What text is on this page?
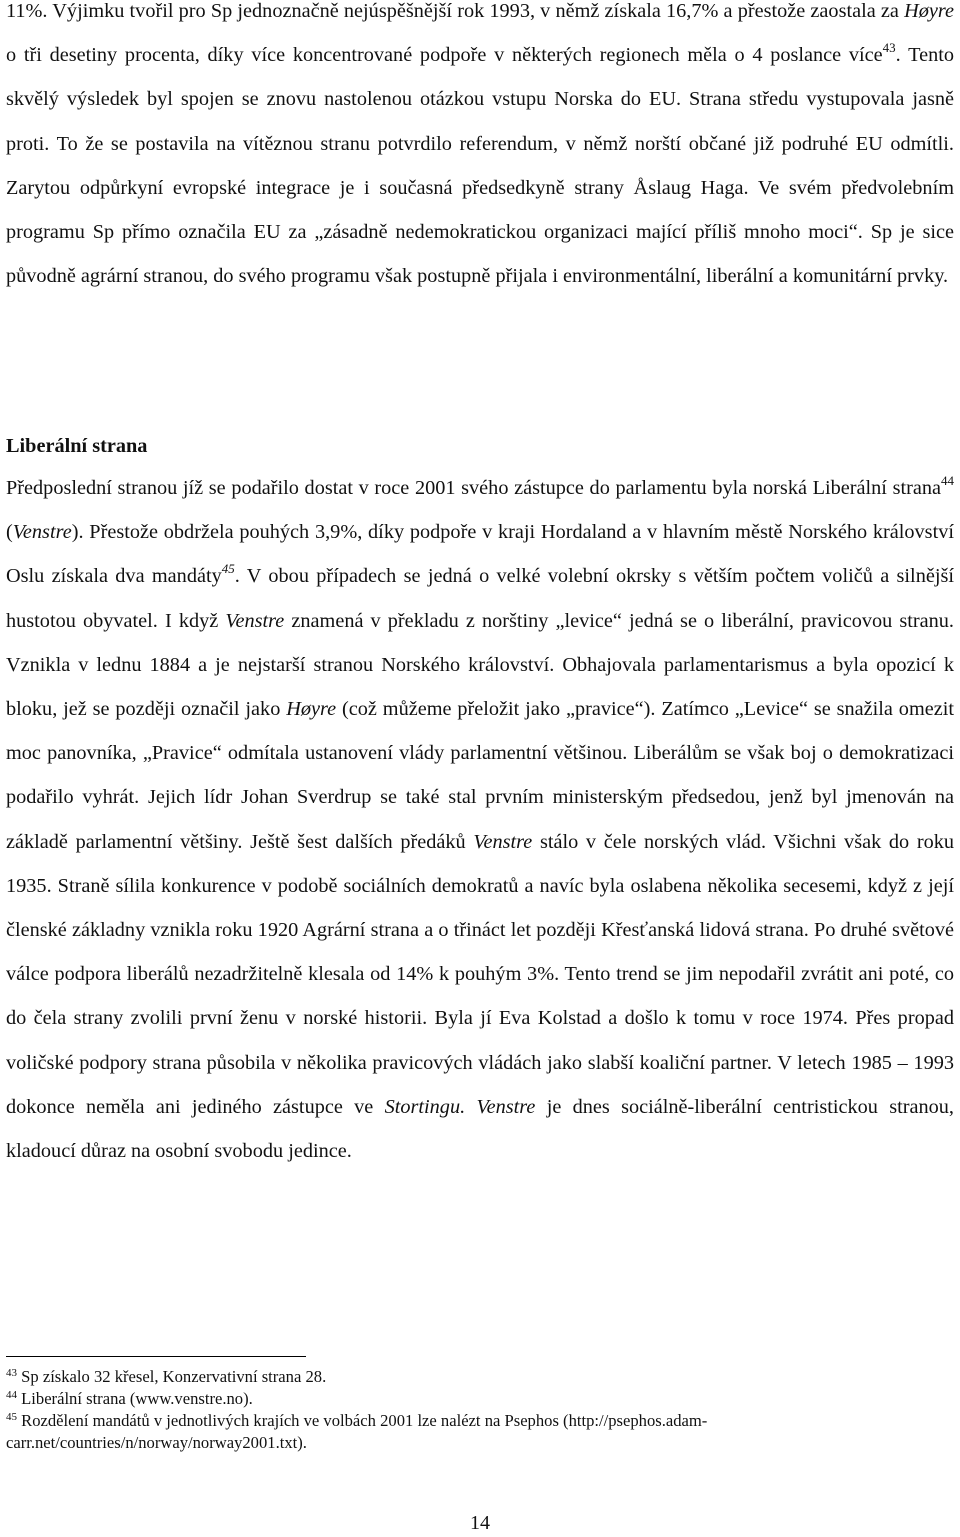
11%. Výjimku tvořil pro Sp jednoznačně nejúspěšnější rok 1993, v němž získala 16,7% a přestože zaostala za Høyre o tři desetiny procenta, díky více koncentrované podpoře v některých regionech měla o 4 poslance více$^{43}$. Tento skvělý výsledek byl spojen se znovu nastolenou otázkou vstupu Norska do EU. Strana středu vystupovala jasně proti. To že se postavila na vítěznou stranu potvrdilo referendum, v němž norští občané již podruhé EU odmítli. Zarytou odpůrkyní evropské integrace je i současná předsedkyně strany Åslaug Haga. Ve svém předvolebním programu Sp přímo označila EU za „zásadně nedemokratickou organizaci mající příliš mnoho moci“. Sp je sice původně agrární stranou, do svého programu však postupně přijala i environmentální, liberální a komunitární prvky.

Liberální strana

Předposlední stranou jíž se podařilo dostat v roce 2001 svého zástupce do parlamentu byla norská Liberální strana$^{44}$ (Venstre). Přestože obdržela pouhých 3,9%, díky podpoře v kraji Hordaland a v hlavním městě Norského království Oslu získala dva mandáty$^{45}$. V obou případech se jedná o velké volební okrsky s větším počtem voličů a silnější hustotou obyvatel. I když Venstre znamená v překladu z norštiny „levice“ jedná se o liberální, pravicovou stranu. Vznikla v lednu 1884 a je nejstarší stranou Norského království. Obhajovala parlamentarismus a byla opozicí k bloku, jež se později označil jako Høyre (což můžeme přeložit jako „pravice“). Zatímco „Levice“ se snažila omezit moc panovníka, „Pravice“ odmítala ustanovení vlády parlamentní většinou. Liberálům se však boj o demokratizaci podařilo vyhrát. Jejich lídr Johan Sverdrup se také stal prvním ministerským předsedou, jenž byl jmenován na základě parlamentní většiny. Ještě šest dalších předáků Venstre stálo v čele norských vlád. Všichni však do roku 1935. Straně sílila konkurence v podobě sociálních demokratů a navíc byla oslabena několika secesemi, když z její členské základny vznikla roku 1920 Agrární strana a o třináct let později Křesťanská lidová strana. Po druhé světové válce podpora liberálů nezadržitelně klesala od 14% k pouhým 3%. Tento trend se jim nepodařil zvrátit ani poté, co do čela strany zvolili první ženu v norské historii. Byla jí Eva Kolstad a došlo k tomu v roce 1974. Přes propad voličské podpory strana působila v několika pravicových vládách jako slabší koaliční partner. V letech 1985 – 1993 dokonce neměla ani jediného zástupce ve Stortingu. Venstre je dnes sociálně-liberální centristickou stranou, kladoucí důraz na osobní svobodu jedince.

$^{43}$ Sp získalo 32 křesel, Konzervativní strana 28.

$^{44}$ Liberální strana (www.venstre.no).

$^{45}$ Rozdělení mandátů v jednotlivých krajích ve volbách 2001 lze nalézt na Psephos (http://psephos.adam-carr.net/countries/n/norway/norway2001.txt).

14
